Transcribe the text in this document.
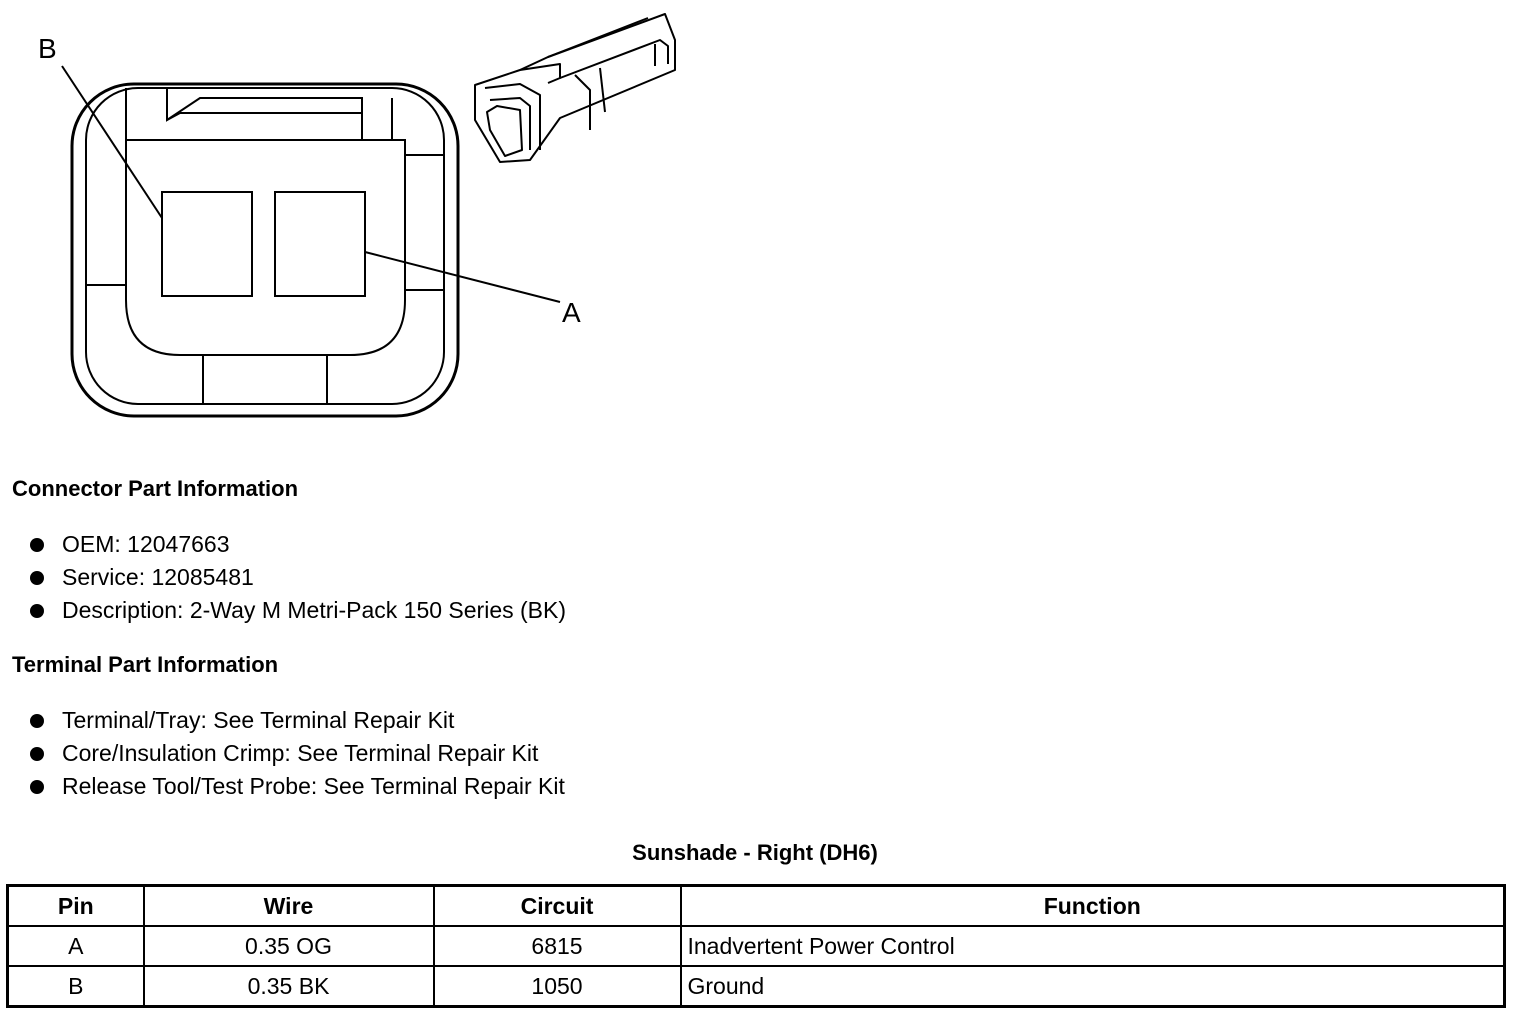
B
A
Connector Part Information
OEM: 12047663
Service: 12085481
Description: 2-Way M Metri-Pack 150 Series (BK)
Terminal Part Information
Terminal/Tray: See Terminal Repair Kit
Core/Insulation Crimp: See Terminal Repair Kit
Release Tool/Test Probe: See Terminal Repair Kit
Sunshade - Right (DH6)
Pin	Wire	Circuit	Function
A	0.35 OG	6815	Inadvertent Power Control
B	0.35 BK	1050	Ground
